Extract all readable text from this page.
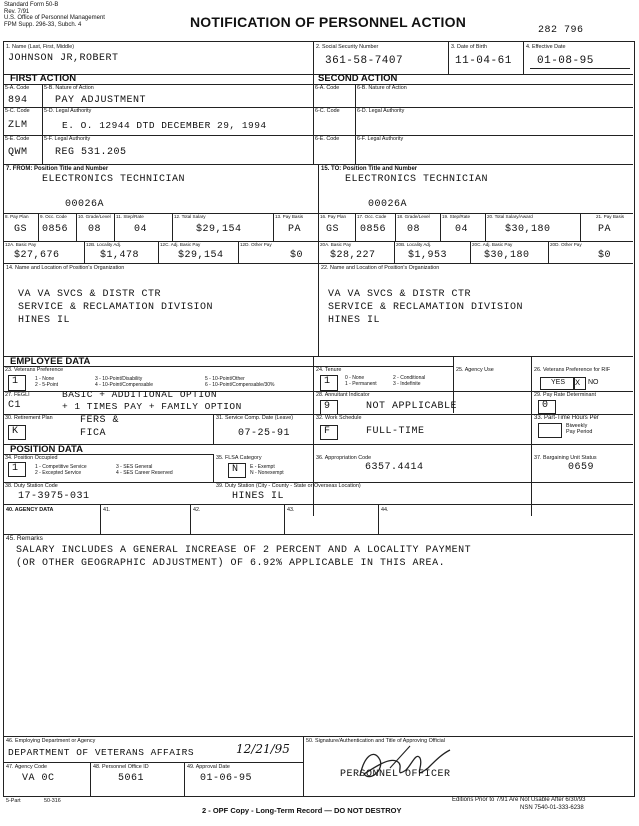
Standard Form 50-B
Rev. 7/91
U.S. Office of Personnel Management
FPM Supp. 296-33, Subch. 4	NOTIFICATION OF PERSONNEL ACTION
282 796
1. Name (Last, First, Middle)
JOHNSON JR,ROBERT
2. Social Security Number
361-58-7407
3. Date of Birth
11-04-61
4. Effective Date
01-08-95
FIRST ACTION
5-A. Code	5-B. Nature of Action
894	PAY ADJUSTMENT
5-C. Code	5-D. Legal Authority
ZLM	E. O. 12944 DTD DECEMBER 29, 1994
5-E. Code	5-F. Legal Authority
QWM	REG 531.205
SECOND ACTION
6-A. Code	6-B. Nature of Action
6-C. Code	6-D. Legal Authority
6-E. Code	6-F. Legal Authority
7. FROM: Position Title and Number
ELECTRONICS TECHNICIAN
00026A
15. TO: Position Title and Number
ELECTRONICS TECHNICIAN
00026A
8. Pay Plan	9. Occ. Code 10. Grade/Level 11. Step/Rate	12. Total Salary	13. Pay Basis
GS 0856 08	04	$29,154	PA
16. Pay Plan 17. Occ. Code 18. Grade/Level	19. Step/Rate	20. Total Salary/Award	21. Pay Basis
GS 0856 08	04	$30,180	PA
12A. Basic Pay	12B. Locality Adj.	12C. Adj. Basic Pay	12D. Other Pay
$27,676	$1,478	$29,154	$0
20A. Basic Pay	20B. Locality Adj.	20C. Adj. Basic Pay	20D. Other Pay
$28,227	$1,953	$30,180	$0
14. Name and Location of Position's Organization
VA VA SVCS & DISTR CTR
SERVICE & RECLAMATION DIVISION
HINES IL
22. Name and Location of Position's Organization
VA VA SVCS & DISTR CTR
SERVICE & RECLAMATION DIVISION
HINES IL
EMPLOYEE DATA
23. Veterans Preference
1	1 - None
2 - 5-Point
3 - 10-Point/Disability
4 - 10-Point/Compensable
5 - 10-Point/Other
6 - 10-Point/Compensable/30%
24. Tenure
1	0 - None
1 - Permanent
2 - Conditional
3 - Indefinite
25. Agency Use	26. Veterans Preference for RIF
YES X NO
27. FEGLI
C1
BASIC + ADDITIONAL OPTION
+ 1 TIMES PAY + FAMILY OPTION
28. Annuitant Indicator
9	NOT APPLICABLE
29. Pay Rate Determinant
0
30. Retirement Plan
K
FERS &
FICA
31. Service Comp. Date (Leave)
07-25-91
32. Work Schedule
F	FULL-TIME
33. Part-Time Hours Per
Biweekly
Pay Period
POSITION DATA
34. Position Occupied
1	1 - Competitive Service
2 - Excepted Service
3 - SES General
4 - SES Career Reserved
35. FLSA Category
N E - Exempt
N - Nonexempt
36. Appropriation Code
6357.4414
37. Bargaining Unit Status
0659
38. Duty Station Code
17-3975-031
39. Duty Station (City - County - State or Overseas Location)
HINES IL
40. AGENCY DATA	41.	42.	43.	44.
45. Remarks
SALARY INCLUDES A GENERAL INCREASE OF 2 PERCENT AND A LOCALITY PAYMENT
(OR OTHER GEOGRAPHIC ADJUSTMENT) OF 6.92% APPLICABLE IN THIS AREA.
46. Employing Department or Agency
DEPARTMENT OF VETERANS AFFAIRS	12/21/95
50. Signature/Authentication and Title of Approving Official
PERSONNEL OFFICER
47. Agency Code
VA 0C
48. Personnel Office ID
5061
49. Approval Date
01-06-95
5-Part	50-316
2 - OPF Copy - Long-Term Record — DO NOT DESTROY
Editions Prior to 7/91 Are Not Usable After 6/30/93
NSN 7540-01-333-6238
